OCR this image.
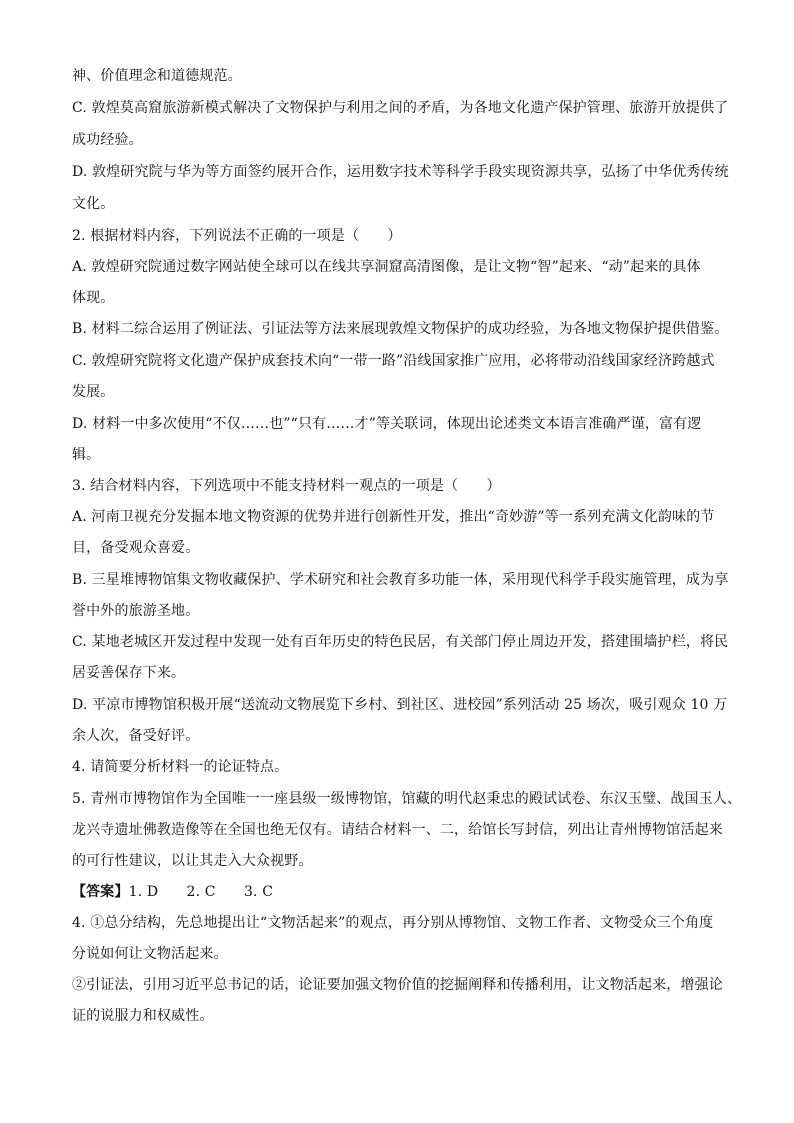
神、价值理念和道德规范。
C. 敦煌莫高窟旅游新模式解决了文物保护与利用之间的矛盾，为各地文化遗产保护管理、旅游开放提供了
成功经验。
D. 敦煌研究院与华为等方面签约展开合作，运用数字技术等科学手段实现资源共享，弘扬了中华优秀传统
文化。
2. 根据材料内容，下列说法不正确的一项是（　　）
A. 敦煌研究院通过数字网站使全球可以在线共享洞窟高清图像，是让文物“智”起来、“动”起来的具体
体现。
B. 材料二综合运用了例证法、引证法等方法来展现敦煌文物保护的成功经验，为各地文物保护提供借鉴。
C. 敦煌研究院将文化遗产保护成套技术向“一带一路”沿线国家推广应用，必将带动沿线国家经济跨越式
发展。
D. 材料一中多次使用“不仅……也”“只有……才”等关联词，体现出论述类文本语言准确严谨，富有逻
辑。
3. 结合材料内容，下列选项中不能支持材料一观点的一项是（　　）
A. 河南卫视充分发掘本地文物资源的优势并进行创新性开发，推出“奇妙游”等一系列充满文化韵味的节
目，备受观众喜爱。
B. 三星堆博物馆集文物收藏保护、学术研究和社会教育多功能一体，采用现代科学手段实施管理，成为享
誉中外的旅游圣地。
C. 某地老城区开发过程中发现一处有百年历史的特色民居，有关部门停止周边开发，搭建围墙护栏，将民
居妥善保存下来。
D. 平凉市博物馆积极开展“送流动文物展览下乡村、到社区、进校园”系列活动 25 场次，吸引观众 10 万
余人次，备受好评。
4. 请简要分析材料一的论证特点。
5. 青州市博物馆作为全国唯一一座县级一级博物馆，馆藏的明代赵秉忠的殿试试卷、东汉玉璧、战国玉人、
龙兴寺遗址佛教造像等在全国也绝无仅有。请结合材料一、二，给馆长写封信，列出让青州博物馆活起来
的可行性建议，以让其走入大众视野。
【答案】1. D　　2. C　　3. C
4. ①总分结构，先总地提出让“文物活起来”的观点，再分别从博物馆、文物工作者、文物受众三个角度
分说如何让文物活起来。
②引证法，引用习近平总书记的话，论证要加强文物价值的挖掘阐释和传播利用，让文物活起来，增强论
证的说服力和权威性。
